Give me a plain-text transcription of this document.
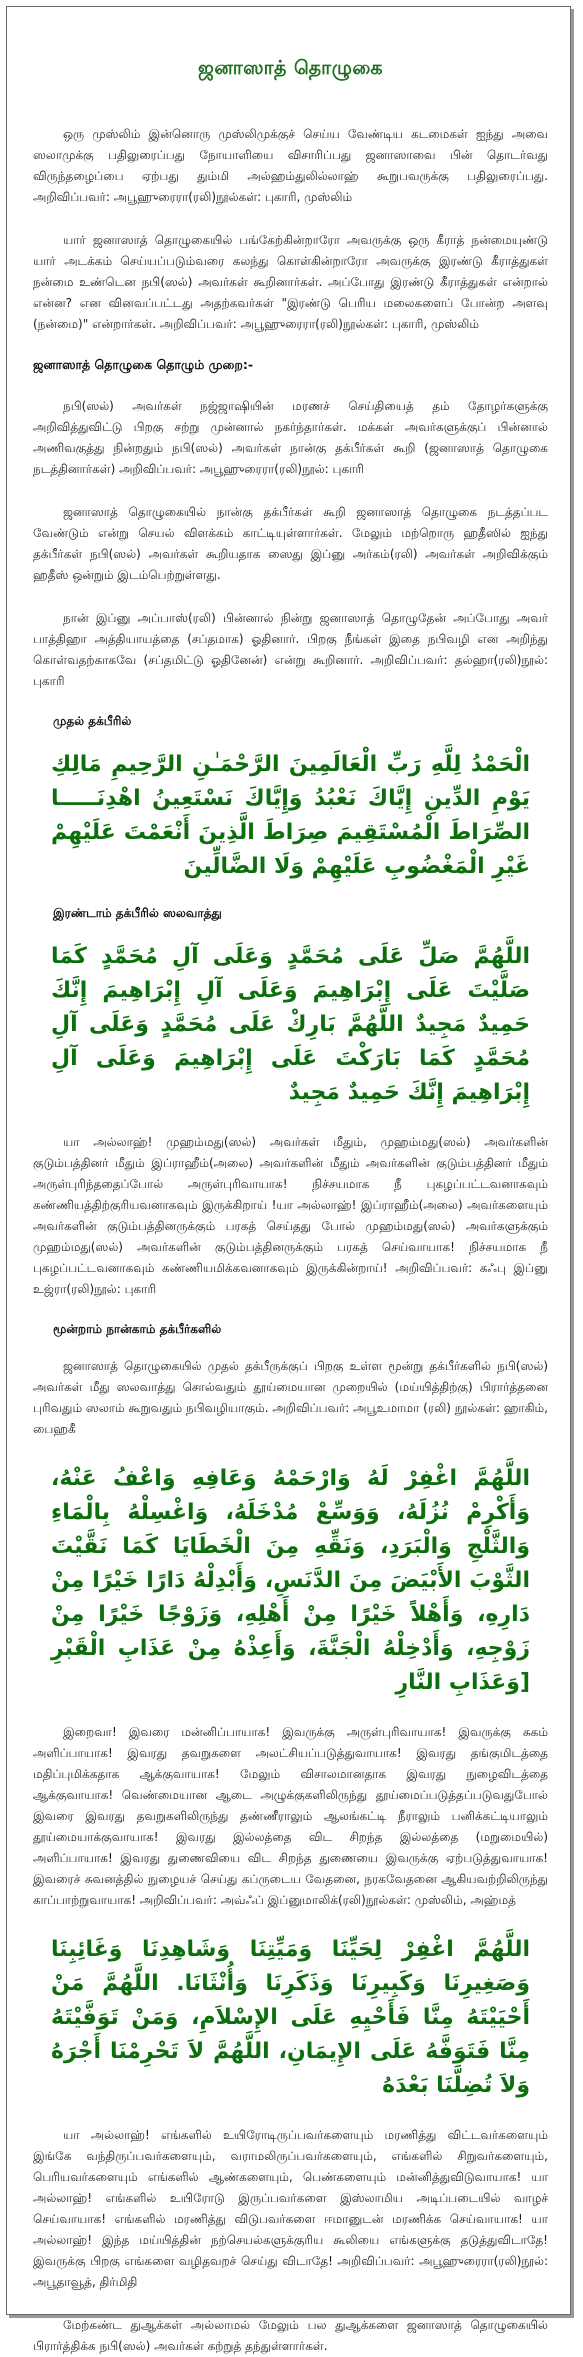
ஜனாஸாத் தொழுகை

ஒரு முஸ்லிம் இன்னொரு முஸ்லிமுக்குச் செய்ய வேண்டிய கடமைகள் ஐந்து அவை ஸலாமுக்கு பதிலுரைப்பது நோயாளியை விசாரிப்பது ஜனாஸாவை பின் தொடர்வது விருந்தழைப்பை ஏற்பது தும்மி அல்ஹம்துலில்லாஹ் கூறுபவருக்கு பதிலுரைப்பது. அறிவிப்பவர்: அபூஹுரைரா(ரலி)நூல்கள்: புகாரி, முஸ்லிம்

யார் ஜனாஸாத் தொழுகையில் பங்கேற்கின்றாரோ அவருக்கு ஒரு கீராத் நன்மையுண்டு யார் அடக்கம் செய்யப்படும்வரை கலந்து கொள்கின்றாரோ அவருக்கு இரண்டு கீராத்துகள் நன்மை உண்டென நபி(ஸல்) அவர்கள் கூறினார்கள். அப்போது இரண்டு கீராத்துகள் என்றால் என்ன? என வினவப்பட்டது அதற்கவர்கள் "இரண்டு பெரிய மலைகளைப் போன்ற அளவு (நன்மை)" என்றார்கள். அறிவிப்பவர்: அபூஹுரைரா(ரலி)நூல்கள்: புகாரி, முஸ்லிம்

ஜனாஸாத் தொழுகை தொழும் முறை:-

நபி(ஸல்) அவர்கள் நஜ்ஜாஷியின் மரணச் செய்தியைத் தம் தோழர்களுக்கு அறிவித்துவிட்டு பிறகு சற்று முன்னால் நகர்ந்தார்கள். மக்கள் அவர்களுக்குப் பின்னால் அணிவகுத்து நின்றதும் நபி(ஸல்) அவர்கள் நான்கு தக்பீர்கள் கூறி (ஜனாஸாத் தொழுகை நடத்தினார்கள்) அறிவிப்பவர்: அபூஹுரைரா(ரலி)நூல்: புகாரி

ஜனாஸாத் தொழுகையில் நான்கு தக்பீர்கள் கூறி ஜனாஸாத் தொழுகை நடத்தப்பட வேண்டும் என்று செயல் விளக்கம் காட்டியுள்ளார்கள். மேலும் மற்றொரு ஹதீஸில் ஐந்து தக்பீர்கள் நபி(ஸல்) அவர்கள் கூறியதாக ஸைது இப்னு அர்கம்(ரலி) அவர்கள் அறிவிக்கும் ஹதீஸ் ஒன்றும் இடம்பெற்றுள்ளது.

நான் இப்னு அப்பாஸ்(ரலி) பின்னால் நின்று ஜனாஸாத் தொழுதேன் அப்போது அவர் பாத்திஹா அத்தியாயத்தை (சப்தமாக) ஓதினார். பிறகு நீங்கள் இதை நபிவழி என அறிந்து கொள்வதற்காகவே (சப்தமிட்டு ஓதினேன்) என்று கூறினார். அறிவிப்பவர்: தல்ஹா(ரலி)நூல்: புகாரி

முதல் தக்பீரில்
الْحَمْدُ لِلَّهِ رَبِّ الْعَالَمِينَ الرَّحْمَـٰنِ الرَّحِيمِ مَالِكِ يَوْمِ الدِّينِ إِيَّاكَ نَعْبُدُ وَإِيَّاكَ نَسْتَعِينُ اهْدِنَـــــا الصِّرَاطَ الْمُسْتَقِيمَ صِرَاطَ الَّذِينَ أَنْعَمْتَ عَلَيْهِمْ غَيْرِ الْمَغْضُوبِ عَلَيْهِمْ وَلَا الضَّالِّينَ
இரண்டாம் தக்பீரில் ஸலவாத்து
اللَّهُمَّ صَلِّ عَلَى مُحَمَّدٍ وَعَلَى آلِ مُحَمَّدٍ كَمَا صَلَّيْتَ عَلَى إِبْرَاهِيمَ وَعَلَى آلِ إِبْرَاهِيمَ إِنَّكَ حَمِيدٌ مَجِيدٌ اللَّهُمَّ بَارِكْ عَلَى مُحَمَّدٍ وَعَلَى آلِ مُحَمَّدٍ كَمَا بَارَكْتَ عَلَى إِبْرَاهِيمَ وَعَلَى آلِ إِبْرَاهِيمَ إِنَّكَ حَمِيدٌ مَجِيدٌ

யா அல்லாஹ்! முஹம்மது(ஸல்) அவர்கள் மீதும், முஹம்மது(ஸல்) அவர்களின் குடும்பத்தினர் மீதும் இப்ராஹீம்(அலை) அவர்களின் மீதும் அவர்களின் குடும்பத்தினர் மீதும் அருள்புரிந்ததைப்போல் அருள்புரிவாயாக! நிச்சயமாக நீ புகழப்பட்டவனாகவும் கண்ணியத்திற்குரியவனாகவும் இருக்கிறாய் !யா அல்லாஹ்! இப்ராஹீம்(அலை) அவர்களையும் அவர்களின் குடும்பத்தினருக்கும் பரகத் செய்தது போல் முஹம்மது(ஸல்) அவர்களுக்கும் முஹம்மது(ஸல்) அவர்களின் குடும்பத்தினருக்கும் பரகத் செய்வாயாக! நிச்சயமாக நீ புகழப்பட்டவனாகவும் கண்ணியமிக்கவனாகவும் இருக்கின்றாய்! அறிவிப்பவர்: கஃபு இப்னு உஜ்ரா(ரலி)நூல்: புகாரி

மூன்றாம் நான்காம் தக்பீர்களில்

ஜனாஸாத் தொழுகையில் முதல் தக்பீருக்குப் பிறகு உள்ள மூன்று தக்பீர்களில் நபி(ஸல்) அவர்கள் மீது ஸலவாத்து சொல்வதும் தூய்மையான முறையில் (மய்யித்திற்கு) பிரார்த்தனை புரிவதும் ஸலாம் கூறுவதும் நபிவழியாகும். அறிவிப்பவர்: அபூஉமாமா (ரலி) நூல்கள்: ஹாகிம், பைஹகீ

اللَّهُمَّ اغْفِرْ لَهُ وَارْحَمْهُ وَعَافِهِ وَاعْفُ عَنْهُ، وَأَكْرِمْ نُزُلَهُ، وَوَسِّعْ مُدْخَلَهُ، وَاغْسِلْهُ بِالْمَاءِ وَالثَّلْجِ وَالْبَرَدِ، وَنَقِّهِ مِنَ الْخَطَايَا كَمَا نَقَّيْتَ الثَّوْبَ الأَبْيَضَ مِنَ الدَّنَسِ، وَأَبْدِلْهُ دَارًا خَيْرًا مِنْ دَارِهِ، وَأَهْلاً خَيْرًا مِنْ أَهْلِهِ، وَزَوْجًا خَيْرًا مِنْ زَوْجِهِ، وَأَدْخِلْهُ الْجَنَّةَ، وَأَعِذْهُ مِنْ عَذَابِ الْقَبْرِ [وَعَذَابِ النَّارِ

இறைவா! இவரை மன்னிப்பாயாக! இவருக்கு அருள்புரிவாயாக! இவருக்கு சுகம் அளிப்பாயாக! இவரது தவறுகளை அலட்சியப்படுத்துவாயாக! இவரது தங்குமிடத்தை மதிப்புமிக்கதாக ஆக்குவாயாக! மேலும் விசாலமானதாக இவரது நுழைவிடத்தை ஆக்குவாயாக! வெண்மையான ஆடை அழுக்குகளிலிருந்து தூய்மைப்படுத்தப்படுவதுபோல் இவரை இவரது தவறுகளிலிருந்து தண்ணீராலும் ஆலங்கட்டி நீராலும் பனிக்கட்டியாலும் தூய்மையாக்குவாயாக! இவரது இல்லத்தை விட சிறந்த இல்லத்தை (மறுமையில்) அளிப்பாயாக! இவரது துணைவியை விட சிறந்த துணையை இவருக்கு ஏற்படுத்துவாயாக! இவரைச் சுவனத்தில் நுழையச் செய்து கப்ருடைய வேதனை, நரகவேதனை ஆகியவற்றிலிருந்து காப்பாற்றுவாயாக! அறிவிப்பவர்: அவ்ஃப் இப்னுமாலிக்(ரலி)நூல்கள்: முஸ்லிம், அஹ்மத்

اللَّهُمَّ اغْفِرْ لِحَيِّنَا وَمَيِّتِنَا وَشَاهِدِنَا وَغَائِبِنَا وَصَغِيرِنَا وَكَبِيرِنَا وَذَكَرِنَا وَأُنْثَانَا. اللَّهُمَّ مَنْ أَحْيَيْتَهُ مِنَّا فَأَحْيِهِ عَلَى الإِسْلاَمِ، وَمَنْ تَوَفَّيْتَهُ مِنَّا فَتَوَفَّهُ عَلَى الإِيمَانِ، اللَّهُمَّ لاَ تَحْرِمْنَا أَجْرَهُ وَلاَ تُضِلَّنَا بَعْدَهُ

யா அல்லாஹ்! எங்களில் உயிரோடிருப்பவர்களையும் மரணித்து விட்டவர்களையும் இங்கே வந்திருப்பவர்களையும், வராமலிருப்பவர்களையும், எங்களில் சிறுவர்களையும், பெரியவர்களையும் எங்களில் ஆண்களையும், பெண்களையும் மன்னித்துவிடுவாயாக! யா அல்லாஹ்! எங்களில் உயிரோடு இருப்பவர்களை இஸ்லாமிய அடிப்படையில் வாழச் செய்வாயாக! எங்களில் மரணித்து விடுபவர்களை ஈமானுடன் மரணிக்க செய்வாயாக! யா அல்லாஹ்! இந்த மய்யித்தின் நற்செயல்களுக்குரிய கூலியை எங்களுக்கு தடுத்துவிடாதே! இவருக்கு பிறகு எங்களை வழிதவறச் செய்து விடாதே! அறிவிப்பவர்: அபூஹுரைரா(ரலி)நூல்: அபூதாவூத், திர்மிதி

மேற்கண்ட துஆக்கள் அல்லாமல் மேலும் பல துஆக்களை ஜனாஸாத் தொழுகையில் பிரார்த்திக்க நபி(ஸல்) அவர்கள் கற்றுத் தந்துள்ளார்கள்.
